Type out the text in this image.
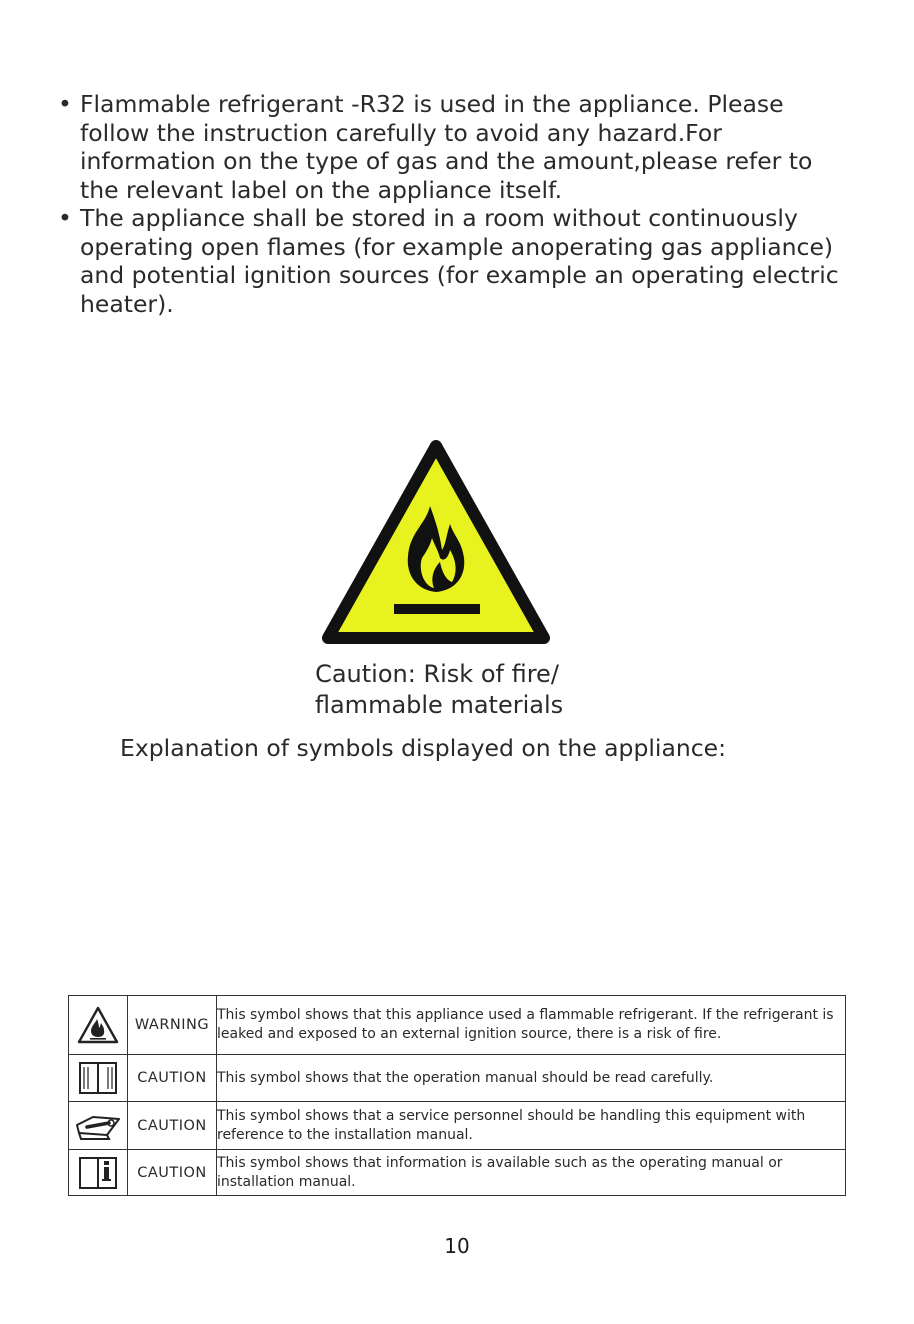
• Flammable refrigerant -R32 is used in the appliance. Please follow the instruction carefully to avoid any hazard.For information on the type of gas and the amount,please refer to the relevant label on the appliance itself.
• The appliance shall be stored in a room without continuously operating open flames (for example anoperating gas appliance) and potential ignition sources (for example an operating electric heater).
Caution: Risk of fire/
flammable materials
Explanation of symbols displayed on the appliance:
	WARNING	This symbol shows that this appliance used a flammable refrigerant. If the refrigerant is leaked and exposed to an external ignition source, there is a risk of fire.

	CAUTION	This symbol shows that the operation manual should be read carefully.

	CAUTION	This symbol shows that a service personnel should be handling this equipment with reference to the installation manual.

	CAUTION	This symbol shows that information is available such as the operating manual or installation manual.
10
